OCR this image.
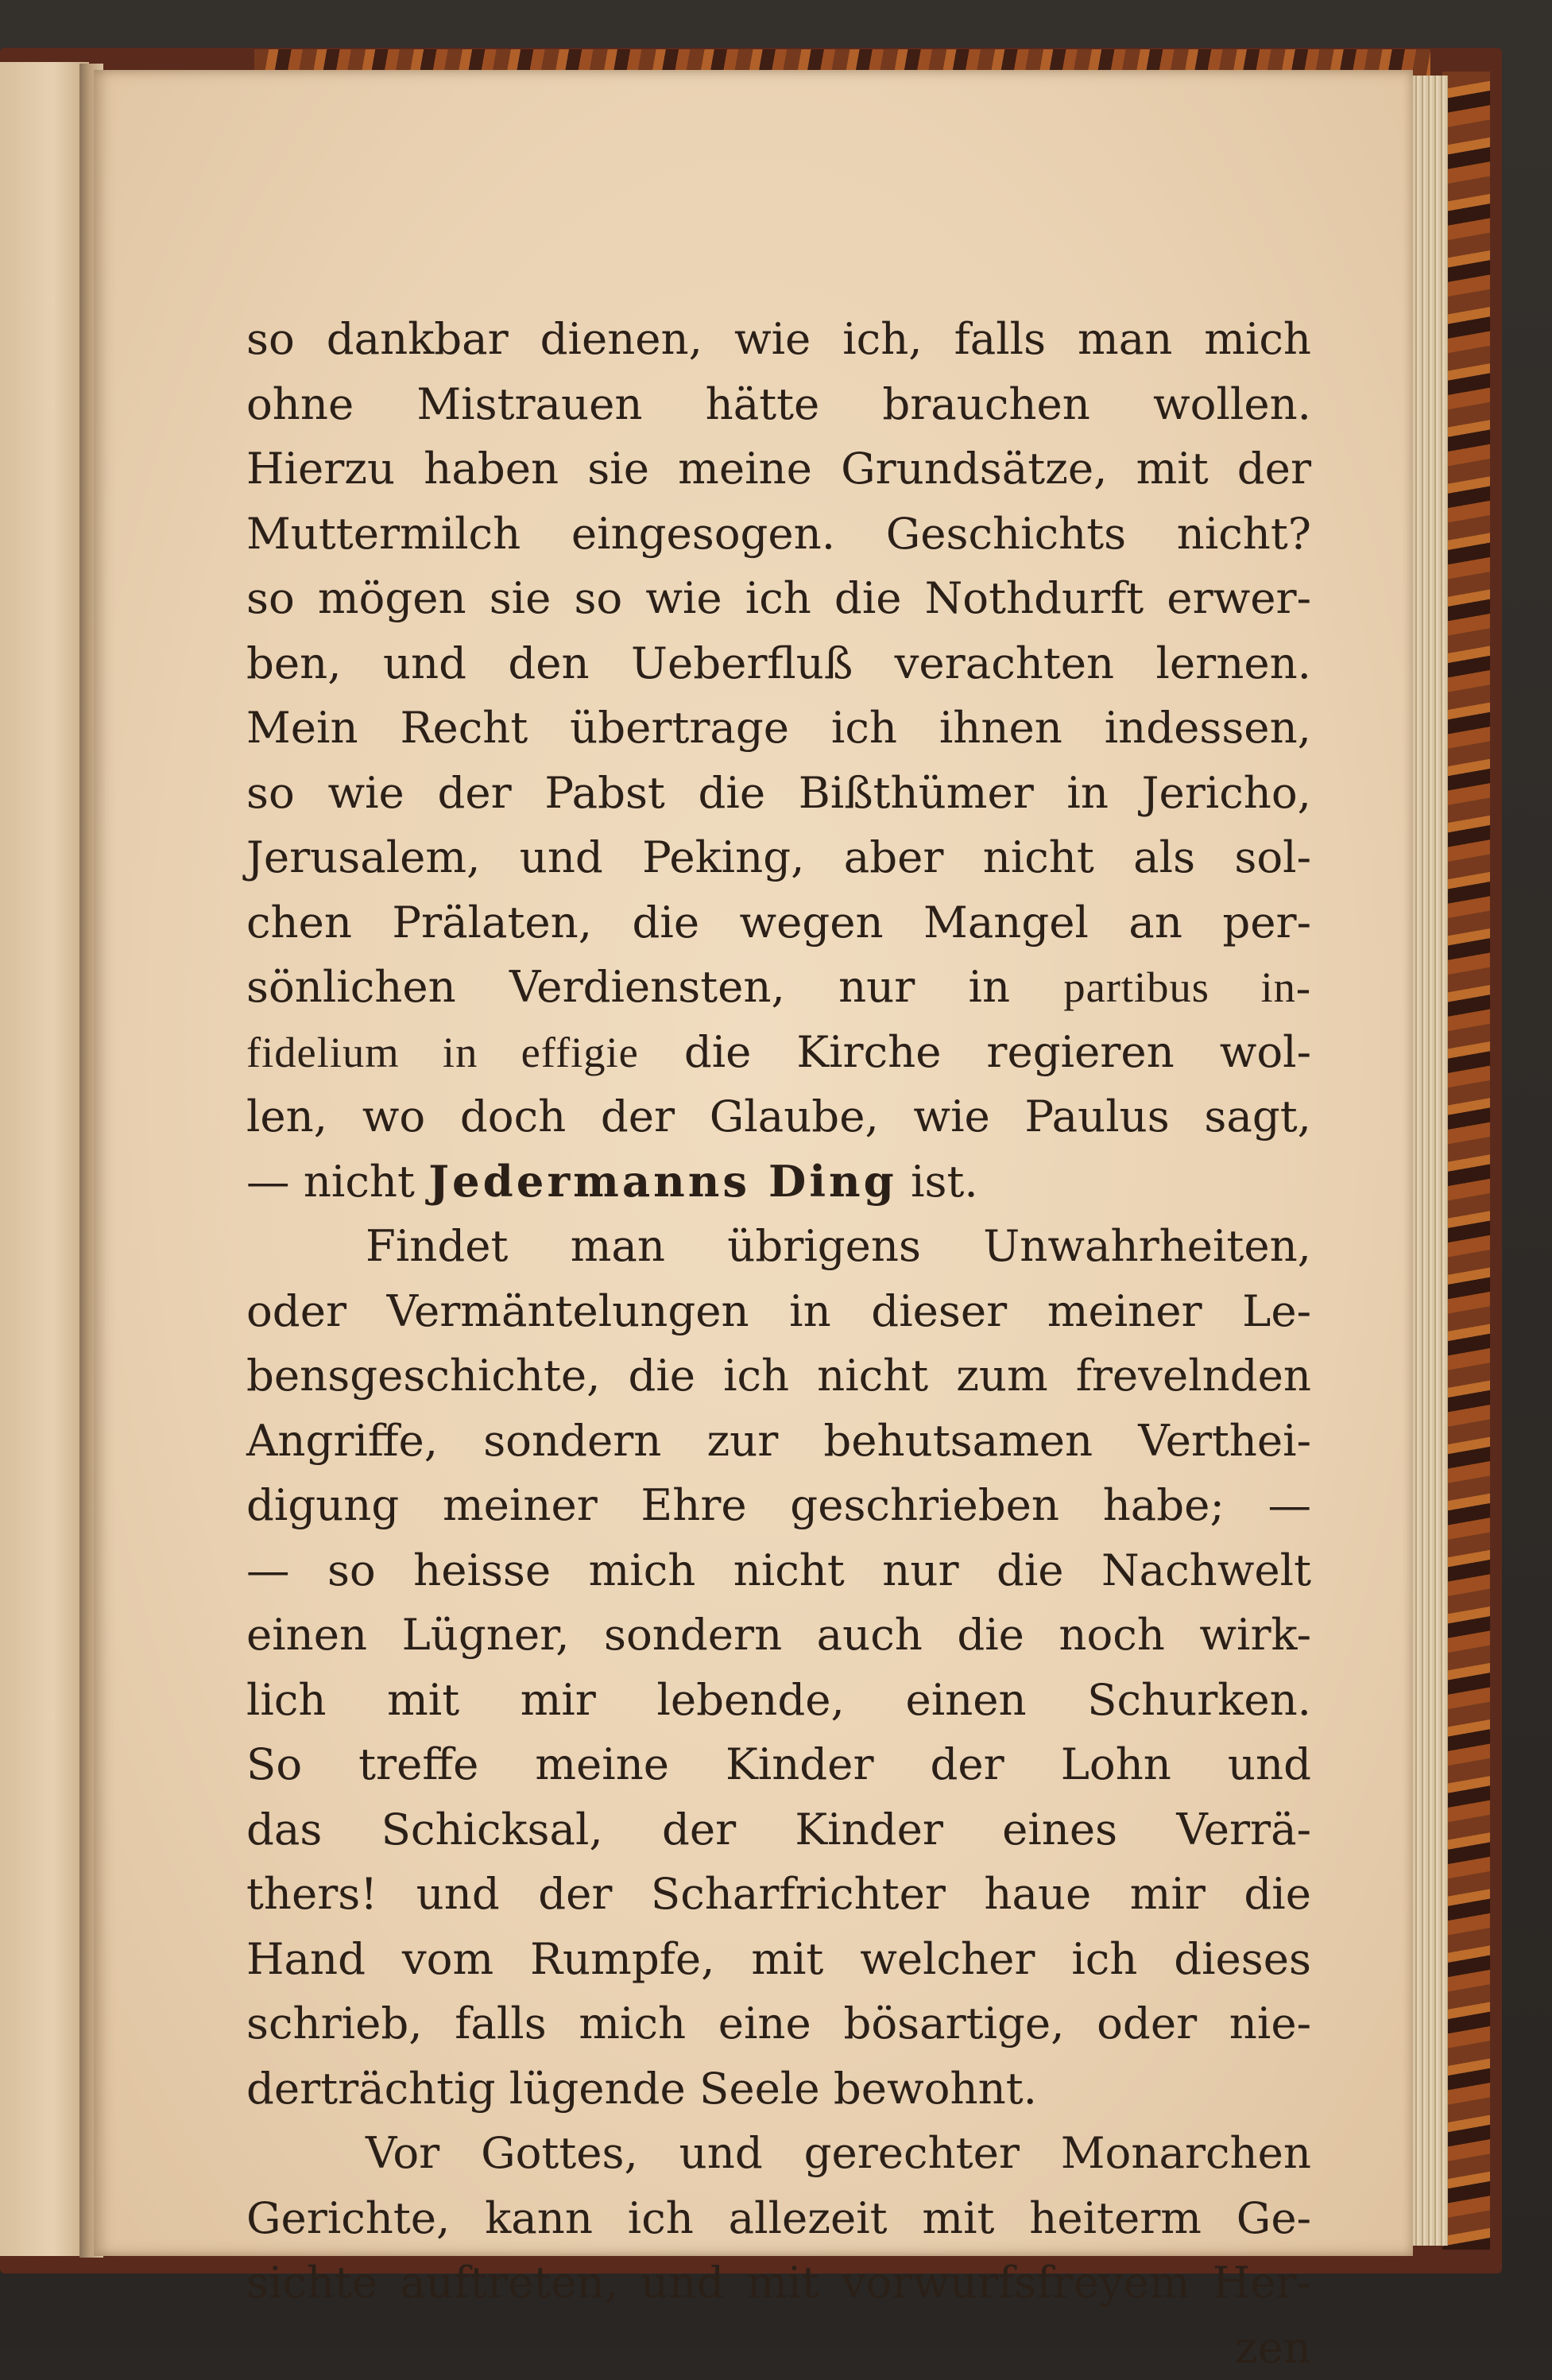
so dankbar dienen, wie ich, falls man mich
ohne Mistrauen hätte brauchen wollen.
Hierzu haben sie meine Grundsätze, mit der
Muttermilch eingesogen. Geschichts nicht?
so mögen sie so wie ich die Nothdurft erwer-
ben, und den Ueberfluß verachten lernen.
Mein Recht übertrage ich ihnen indessen,
so wie der Pabst die Bißthümer in Jericho,
Jerusalem, und Peking, aber nicht als sol-
chen Prälaten, die wegen Mangel an per-
sönlichen Verdiensten, nur in partibus in-
fidelium in effigie die Kirche regieren wol-
len, wo doch der Glaube, wie Paulus sagt,
— nicht Jedermanns Ding ist.
Findet man übrigens Unwahrheiten,
oder Vermäntelungen in dieser meiner Le-
bensgeschichte, die ich nicht zum frevelnden
Angriffe, sondern zur behutsamen Verthei-
digung meiner Ehre geschrieben habe; —
— so heisse mich nicht nur die Nachwelt
einen Lügner, sondern auch die noch wirk-
lich mit mir lebende, einen Schurken.
So treffe meine Kinder der Lohn und
das Schicksal, der Kinder eines Verrä-
thers! und der Scharfrichter haue mir die
Hand vom Rumpfe, mit welcher ich dieses
schrieb, falls mich eine bösartige, oder nie-
derträchtig lügende Seele bewohnt.
Vor Gottes, und gerechter Monarchen
Gerichte, kann ich allezeit mit heiterm Ge-
sichte auftreten, und mit vorwurfsfreyem Her-
zen
